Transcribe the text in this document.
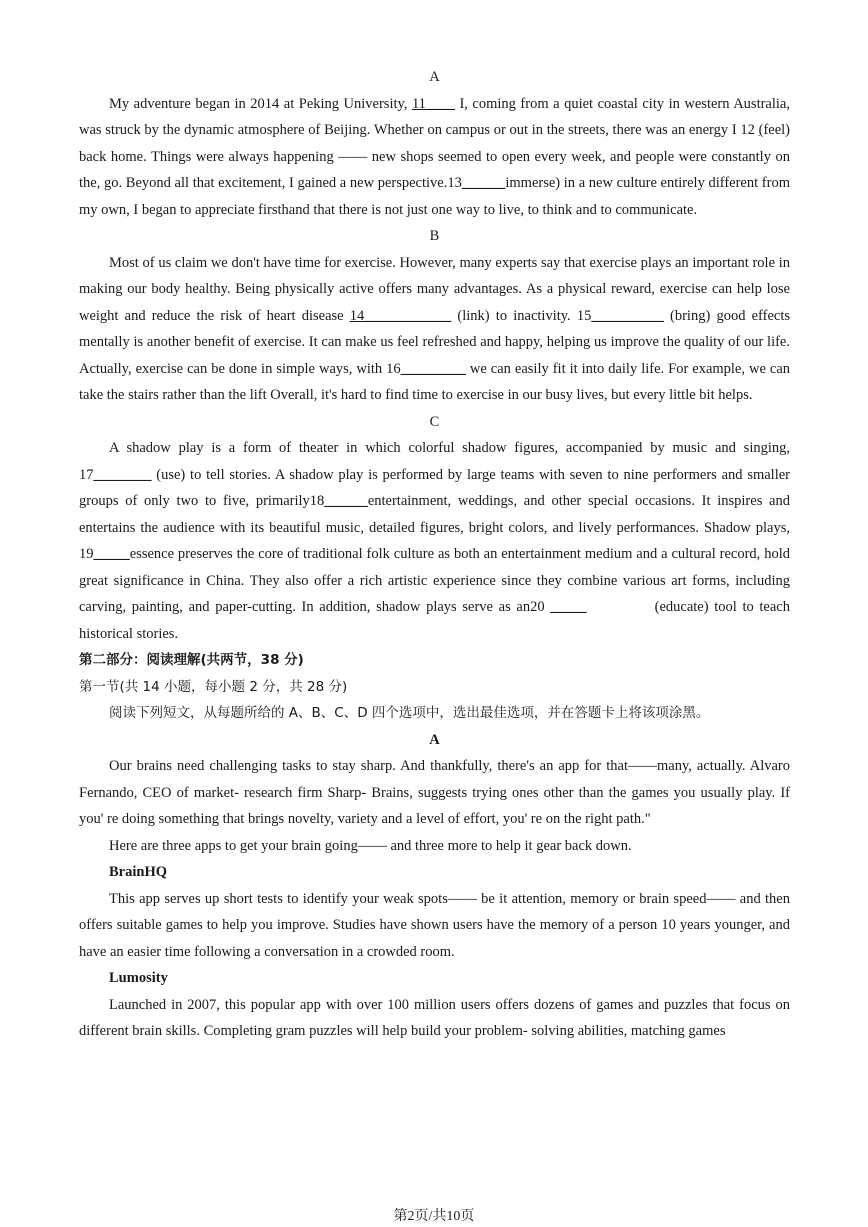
A

My adventure began in 2014 at Peking University, 11____ I, coming from a quiet coastal city in western Australia, was struck by the dynamic atmosphere of Beijing. Whether on campus or out in the streets, there was an energy I 12 (feel) back home. Things were always happening —— new shops seemed to open every week, and people were constantly on the, go. Beyond all that excitement, I gained a new perspective.13______immerse) in a new culture entirely different from my own, I began to appreciate firsthand that there is not just one way to live, to think and to communicate.

B

Most of us claim we don't have time for exercise. However, many experts say that exercise plays an important role in making our body healthy. Being physically active offers many advantages. As a physical reward, exercise can help lose weight and reduce the risk of heart disease 14____________ (link) to inactivity. 15__________ (bring) good effects mentally is another benefit of exercise. It can make us feel refreshed and happy, helping us improve the quality of our life. Actually, exercise can be done in simple ways, with 16_________ we can easily fit it into daily life. For example, we can take the stairs rather than the lift Overall, it's hard to find time to exercise in our busy lives, but every little bit helps.

C

A shadow play is a form of theater in which colorful shadow figures, accompanied by music and singing, 17________ (use) to tell stories. A shadow play is performed by large teams with seven to nine performers and smaller groups of only two to five, primarily18______entertainment, weddings, and other special occasions. It inspires and entertains the audience with its beautiful music, detailed figures, bright colors, and lively performances. Shadow plays, 19_____essence preserves the core of traditional folk culture as both an entertainment medium and a cultural record, hold great significance in China. They also offer a rich artistic experience since they combine various art forms, including carving, painting, and paper-cutting. In addition, shadow plays serve as an20 _____            (educate) tool to teach historical stories.

第二部分：阅读理解(共两节，38 分)

第一节(共 14 小题，每小题 2 分，共 28 分)

阅读下列短文，从每题所给的 A、B、C、D 四个选项中，选出最佳选项，并在答题卡上将该项涂黑。

A

Our brains need challenging tasks to stay sharp. And thankfully, there's an app for that——many, actually. Alvaro Fernando, CEO of market- research firm Sharp- Brains, suggests trying ones other than the games you usually play. If you' re doing something that brings novelty, variety and a level of effort, you' re on the right path."

Here are three apps to get your brain going—— and three more to help it gear back down.

BrainHQ

This app serves up short tests to identify your weak spots—— be it attention, memory or brain speed—— and then offers suitable games to help you improve. Studies have shown users have the memory of a person 10 years younger, and have an easier time following a conversation in a crowded room.

Lumosity

Launched in 2007, this popular app with over 100 million users offers dozens of games and puzzles that focus on different brain skills. Completing gram puzzles will help build your problem- solving abilities, matching games

第2页/共10页
